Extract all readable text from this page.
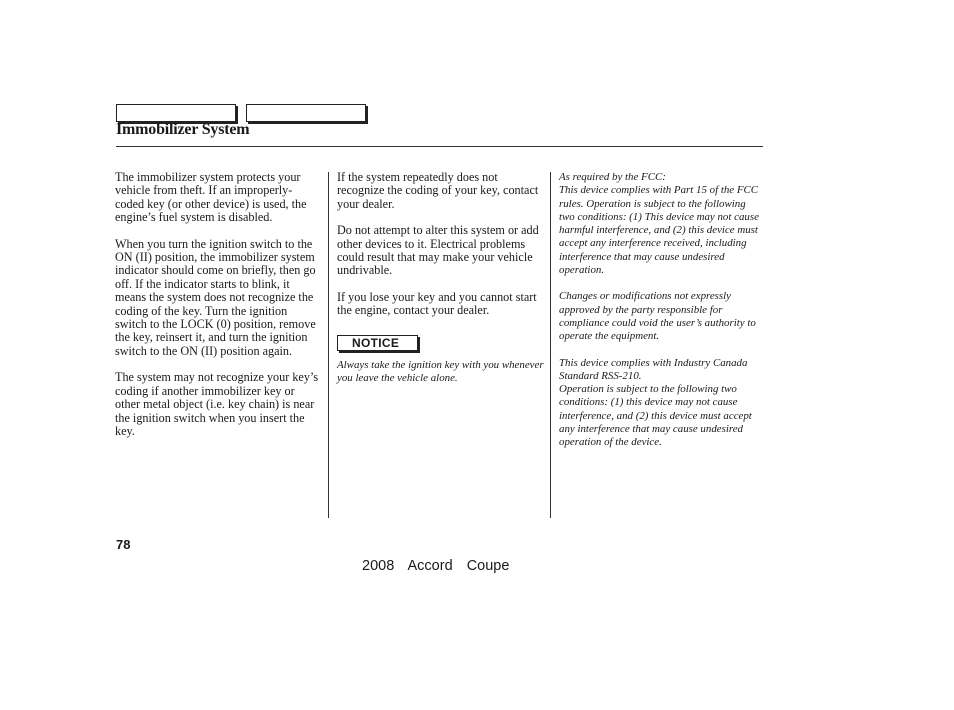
Immobilizer System

The immobilizer system protects your vehicle from theft. If an improperly-coded key (or other device) is used, the engine’s fuel system is disabled.

When you turn the ignition switch to the ON (II) position, the immobilizer system indicator should come on briefly, then go off. If the indicator starts to blink, it means the system does not recognize the coding of the key. Turn the ignition switch to the LOCK (0) position, remove the key, reinsert it, and turn the ignition switch to the ON (II) position again.

The system may not recognize your key’s coding if another immobilizer key or other metal object (i.e. key chain) is near the ignition switch when you insert the key.

If the system repeatedly does not recognize the coding of your key, contact your dealer.

Do not attempt to alter this system or add other devices to it. Electrical problems could result that may make your vehicle undrivable.

If you lose your key and you cannot start the engine, contact your dealer.

NOTICE

Always take the ignition key with you whenever you leave the vehicle alone.

As required by the FCC:
This device complies with Part 15 of the FCC rules. Operation is subject to the following two conditions: (1) This device may not cause harmful interference, and (2) this device must accept any interference received, including interference that may cause undesired operation.

Changes or modifications not expressly approved by the party responsible for compliance could void the user’s authority to operate the equipment.

This device complies with Industry Canada Standard RSS-210.
Operation is subject to the following two conditions: (1) this device may not cause interference, and (2) this device must accept any interference that may cause undesired operation of the device.

78
2008  Accord  Coupe
